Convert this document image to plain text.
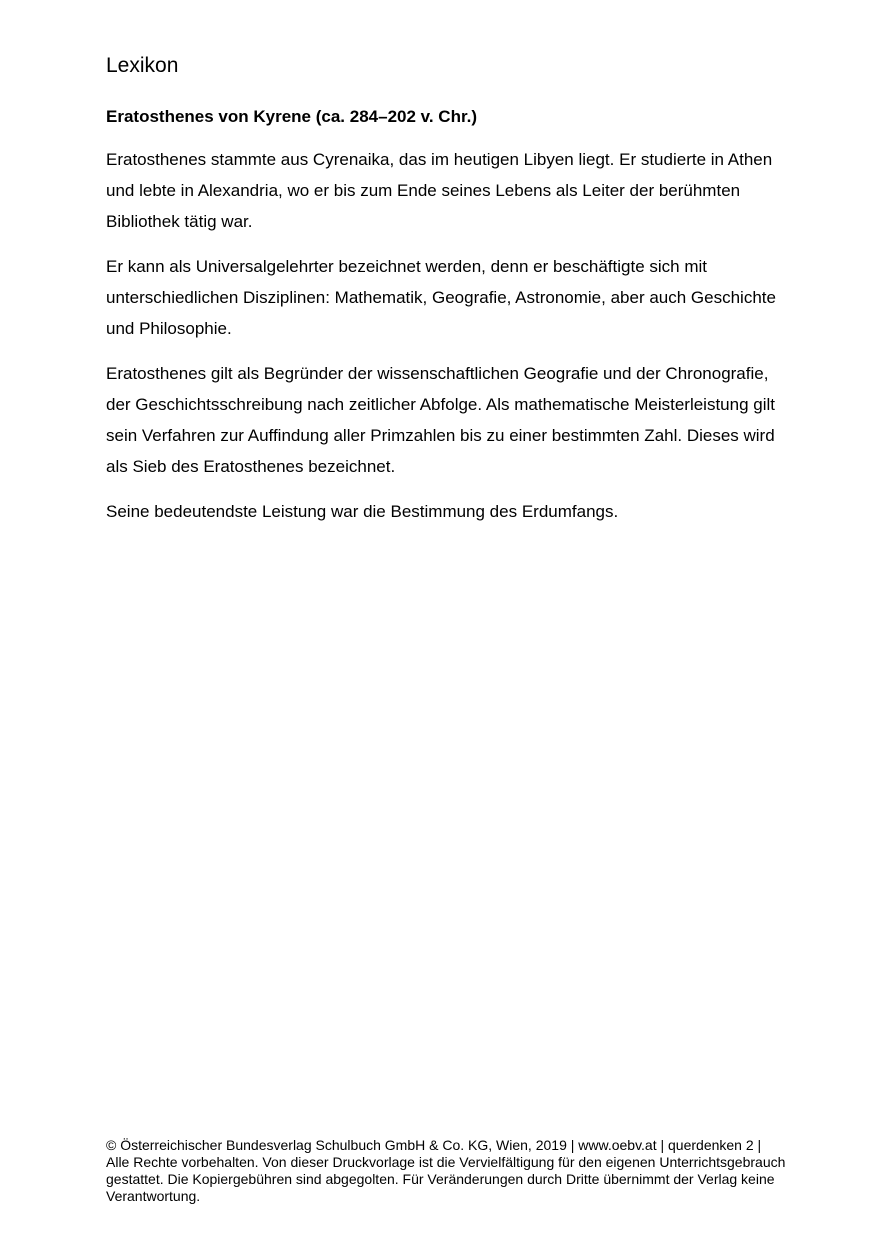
Lexikon
Eratosthenes von Kyrene (ca. 284–202 v. Chr.)

Eratosthenes stammte aus Cyrenaika, das im heutigen Libyen liegt. Er studierte in Athen und lebte in Alexandria, wo er bis zum Ende seines Lebens als Leiter der berühmten Bibliothek tätig war.

Er kann als Universalgelehrter bezeichnet werden, denn er beschäftigte sich mit unterschiedlichen Disziplinen: Mathematik, Geografie, Astronomie, aber auch Geschichte und Philosophie.

Eratosthenes gilt als Begründer der wissenschaftlichen Geografie und der Chronografie, der Geschichtsschreibung nach zeitlicher Abfolge. Als mathematische Meisterleistung gilt sein Verfahren zur Auffindung aller Primzahlen bis zu einer bestimmten Zahl. Dieses wird als Sieb des Eratosthenes bezeichnet.

Seine bedeutendste Leistung war die Bestimmung des Erdumfangs.

© Österreichischer Bundesverlag Schulbuch GmbH & Co. KG, Wien, 2019 | www.oebv.at | querdenken 2 | Alle Rechte vorbehalten. Von dieser Druckvorlage ist die Vervielfältigung für den eigenen Unterrichtsgebrauch gestattet. Die Kopiergebühren sind abgegolten. Für Veränderungen durch Dritte übernimmt der Verlag keine Verantwortung.
